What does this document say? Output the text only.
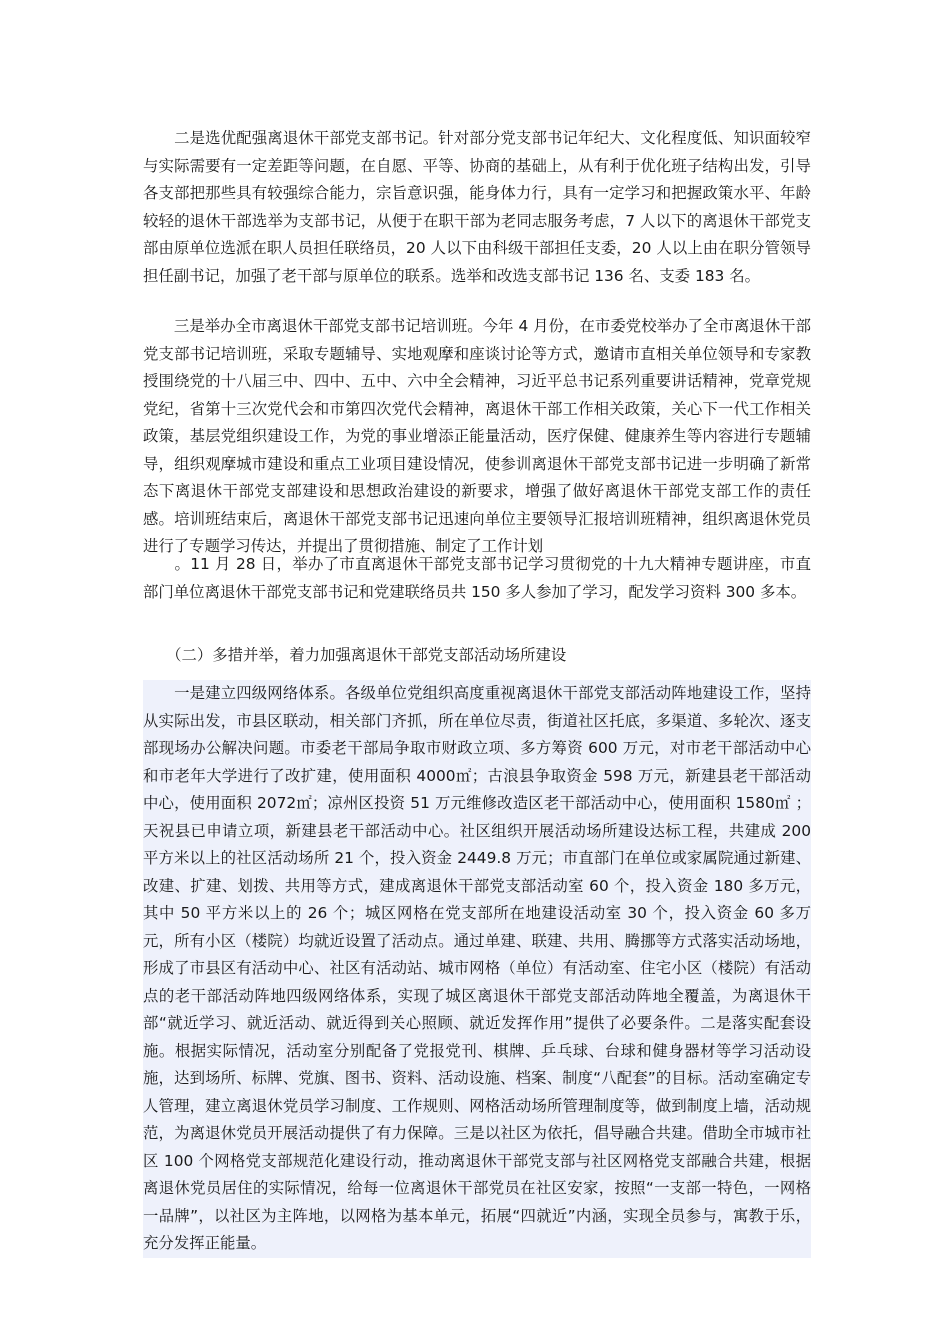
　　二是选优配强离退休干部党支部书记。针对部分党支部书记年纪大、文化程度低、知识面较窄与实际需要有一定差距等问题，在自愿、平等、协商的基础上，从有利于优化班子结构出发，引导各支部把那些具有较强综合能力，宗旨意识强，能身体力行，具有一定学习和把握政策水平、年龄较轻的退休干部选举为支部书记，从便于在职干部为老同志服务考虑，7 人以下的离退休干部党支部由原单位选派在职人员担任联络员，20 人以下由科级干部担任支委，20 人以上由在职分管领导担任副书记，加强了老干部与原单位的联系。选举和改选支部书记 136 名、支委 183 名。

　　三是举办全市离退休干部党支部书记培训班。今年 4 月份，在市委党校举办了全市离退休干部党支部书记培训班，采取专题辅导、实地观摩和座谈讨论等方式，邀请市直相关单位领导和专家教授围绕党的十八届三中、四中、五中、六中全会精神，习近平总书记系列重要讲话精神，党章党规党纪，省第十三次党代会和市第四次党代会精神，离退休干部工作相关政策，关心下一代工作相关政策，基层党组织建设工作，为党的事业增添正能量活动，医疗保健、健康养生等内容进行专题辅导，组织观摩城市建设和重点工业项目建设情况，使参训离退休干部党支部书记进一步明确了新常态下离退休干部党支部建设和思想政治建设的新要求，增强了做好离退休干部党支部工作的责任感。培训班结束后，离退休干部党支部书记迅速向单位主要领导汇报培训班精神，组织离退休党员进行了专题学习传达，并提出了贯彻措施、制定了工作计划

　　。11 月 28 日，举办了市直离退休干部党支部书记学习贯彻党的十九大精神专题讲座，市直部门单位离退休干部党支部书记和党建联络员共 150 多人参加了学习，配发学习资料 300 多本。

　　（二）多措并举，着力加强离退休干部党支部活动场所建设

　　一是建立四级网络体系。各级单位党组织高度重视离退休干部党支部活动阵地建设工作，坚持从实际出发，市县区联动，相关部门齐抓，所在单位尽责，街道社区托底，多渠道、多轮次、逐支部现场办公解决问题。市委老干部局争取市财政立项、多方筹资 600 万元，对市老干部活动中心和市老年大学进行了改扩建，使用面积 4000㎡；古浪县争取资金 598 万元，新建县老干部活动中心，使用面积 2072㎡；凉州区投资 51 万元维修改造区老干部活动中心，使用面积 1580㎡ ；天祝县已申请立项，新建县老干部活动中心。社区组织开展活动场所建设达标工程，共建成 200 平方米以上的社区活动场所 21 个，投入资金 2449.8 万元；市直部门在单位或家属院通过新建、改建、扩建、划拨、共用等方式，建成离退休干部党支部活动室 60 个，投入资金 180 多万元，其中 50 平方米以上的 26 个；城区网格在党支部所在地建设活动室 30 个，投入资金 60 多万元，所有小区（楼院）均就近设置了活动点。通过单建、联建、共用、腾挪等方式落实活动场地，形成了市县区有活动中心、社区有活动站、城市网格（单位）有活动室、住宅小区（楼院）有活动点的老干部活动阵地四级网络体系，实现了城区离退休干部党支部活动阵地全覆盖，为离退休干部“就近学习、就近活动、就近得到关心照顾、就近发挥作用”提供了必要条件。二是落实配套设施。根据实际情况，活动室分别配备了党报党刊、棋牌、乒乓球、台球和健身器材等学习活动设施，达到场所、标牌、党旗、图书、资料、活动设施、档案、制度“八配套”的目标。活动室确定专人管理，建立离退休党员学习制度、工作规则、网格活动场所管理制度等，做到制度上墙，活动规范，为离退休党员开展活动提供了有力保障。三是以社区为依托，倡导融合共建。借助全市城市社区 100 个网格党支部规范化建设行动，推动离退休干部党支部与社区网格党支部融合共建，根据离退休党员居住的实际情况，给每一位离退休干部党员在社区安家，按照“一支部一特色，一网格一品牌”，以社区为主阵地，以网格为基本单元，拓展“四就近”内涵，实现全员参与，寓教于乐，充分发挥正能量。
